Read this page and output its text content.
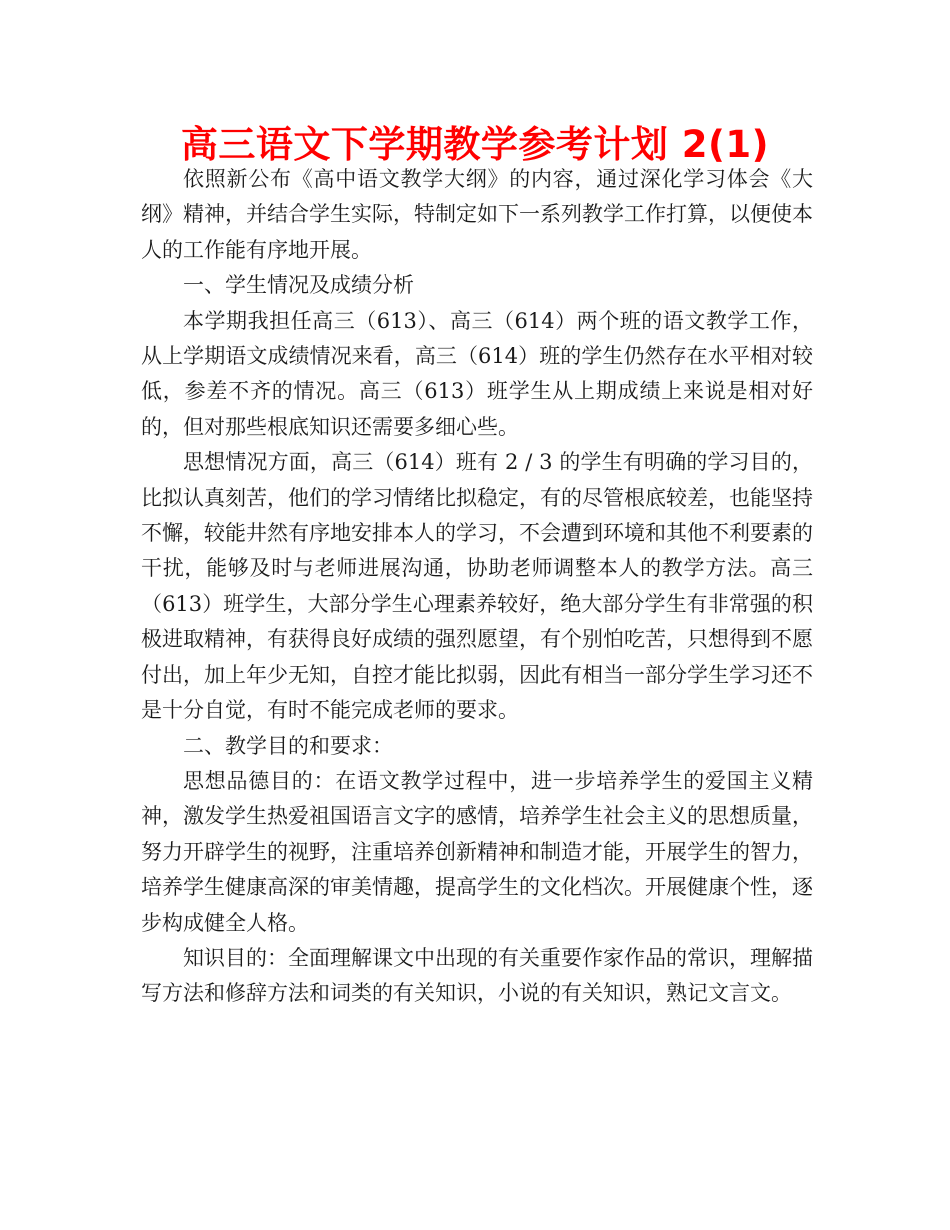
高三语文下学期教学参考计划 2(1)

依照新公布《高中语文教学大纲》的内容，通过深化学习体会《大纲》精神，并结合学生实际，特制定如下一系列教学工作打算，以便使本人的工作能有序地开展。

一、学生情况及成绩分析

本学期我担任高三（613）、高三（614）两个班的语文教学工作，从上学期语文成绩情况来看，高三（614）班的学生仍然存在水平相对较低，参差不齐的情况。高三（613）班学生从上期成绩上来说是相对好的，但对那些根底知识还需要多细心些。

思想情况方面，高三（614）班有 2 / 3 的学生有明确的学习目的，比拟认真刻苦，他们的学习情绪比拟稳定，有的尽管根底较差，也能坚持不懈，较能井然有序地安排本人的学习，不会遭到环境和其他不利要素的干扰，能够及时与老师进展沟通，协助老师调整本人的教学方法。高三（613）班学生，大部分学生心理素养较好，绝大部分学生有非常强的积极进取精神，有获得良好成绩的强烈愿望，有个别怕吃苦，只想得到不愿付出，加上年少无知，自控才能比拟弱，因此有相当一部分学生学习还不是十分自觉，有时不能完成老师的要求。

二、教学目的和要求：

思想品德目的：在语文教学过程中，进一步培养学生的爱国主义精神，激发学生热爱祖国语言文字的感情，培养学生社会主义的思想质量，努力开辟学生的视野，注重培养创新精神和制造才能，开展学生的智力，培养学生健康高深的审美情趣，提高学生的文化档次。开展健康个性，逐步构成健全人格。

知识目的：全面理解课文中出现的有关重要作家作品的常识，理解描写方法和修辞方法和词类的有关知识，小说的有关知识，熟记文言文。
